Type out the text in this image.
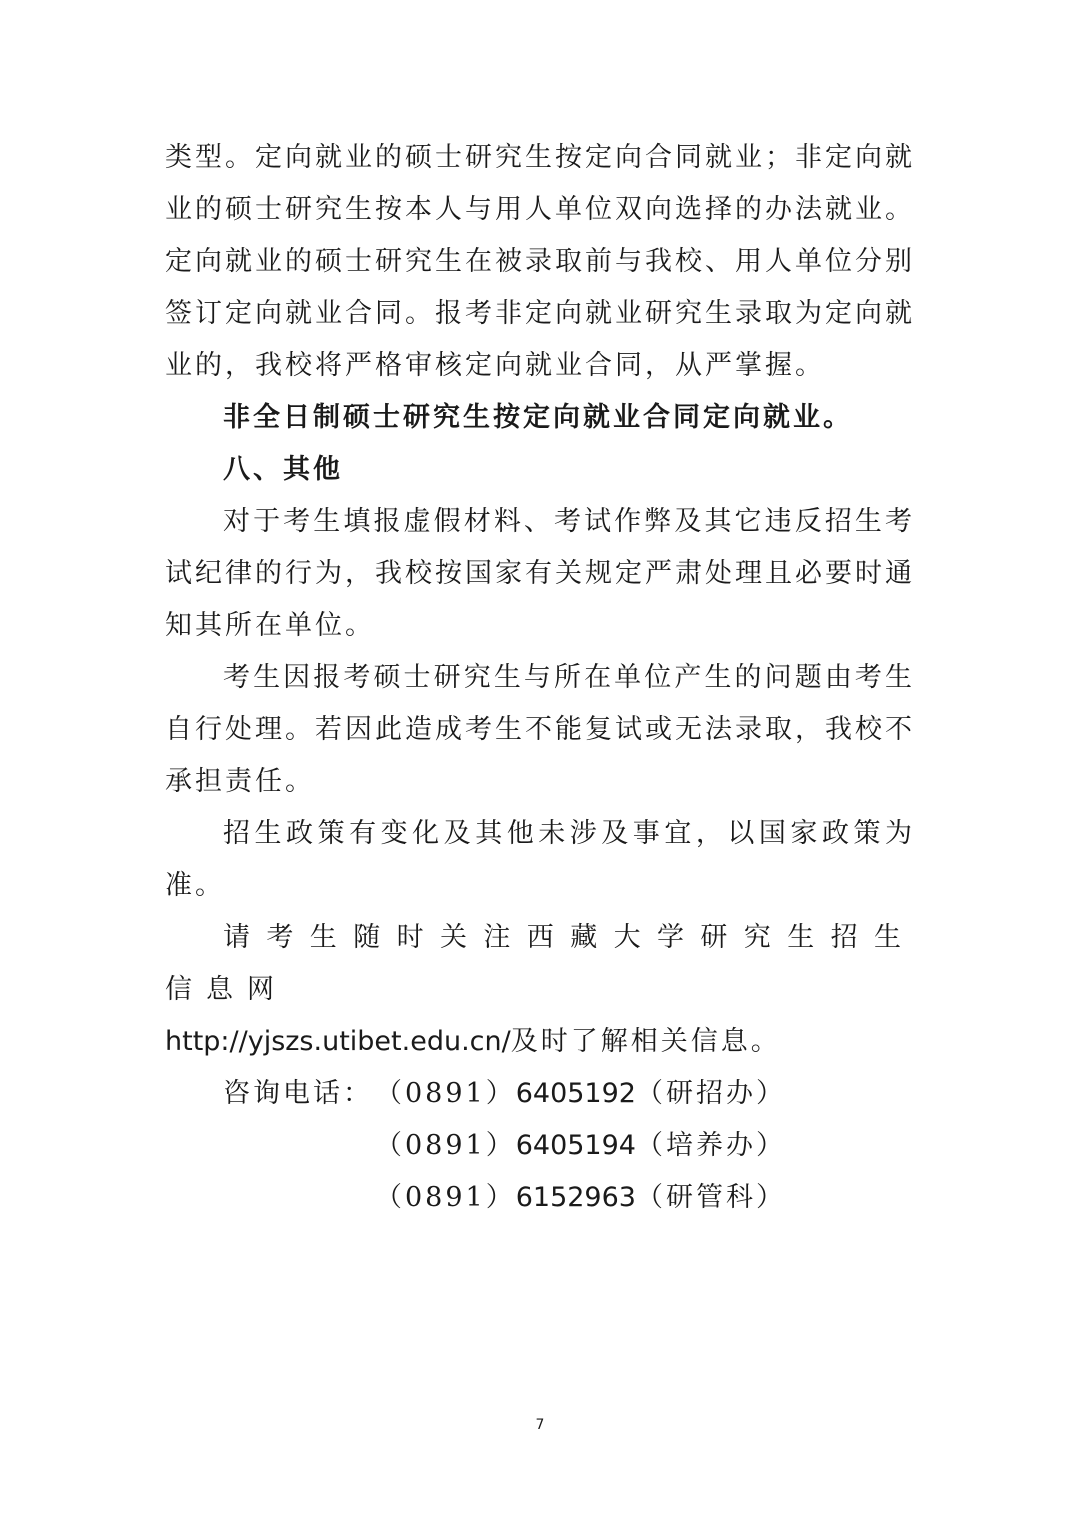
类型。定向就业的硕士研究生按定向合同就业；非定向就业的硕士研究生按本人与用人单位双向选择的办法就业。定向就业的硕士研究生在被录取前与我校、用人单位分别签订定向就业合同。报考非定向就业研究生录取为定向就业的，我校将严格审核定向就业合同，从严掌握。

非全日制硕士研究生按定向就业合同定向就业。

八、其他

对于考生填报虚假材料、考试作弊及其它违反招生考试纪律的行为，我校按国家有关规定严肃处理且必要时通知其所在单位。

考生因报考硕士研究生与所在单位产生的问题由考生自行处理。若因此造成考生不能复试或无法录取，我校不承担责任。

招生政策有变化及其他未涉及事宜，以国家政策为准。

请考生随时关注西藏大学研究生招生信息网

http://yjszs.utibet.edu.cn/及时了解相关信息。

咨询电话： （0891）6405192（研招办）
（0891）6405194（培养办）
（0891）6152963（研管科）
7
